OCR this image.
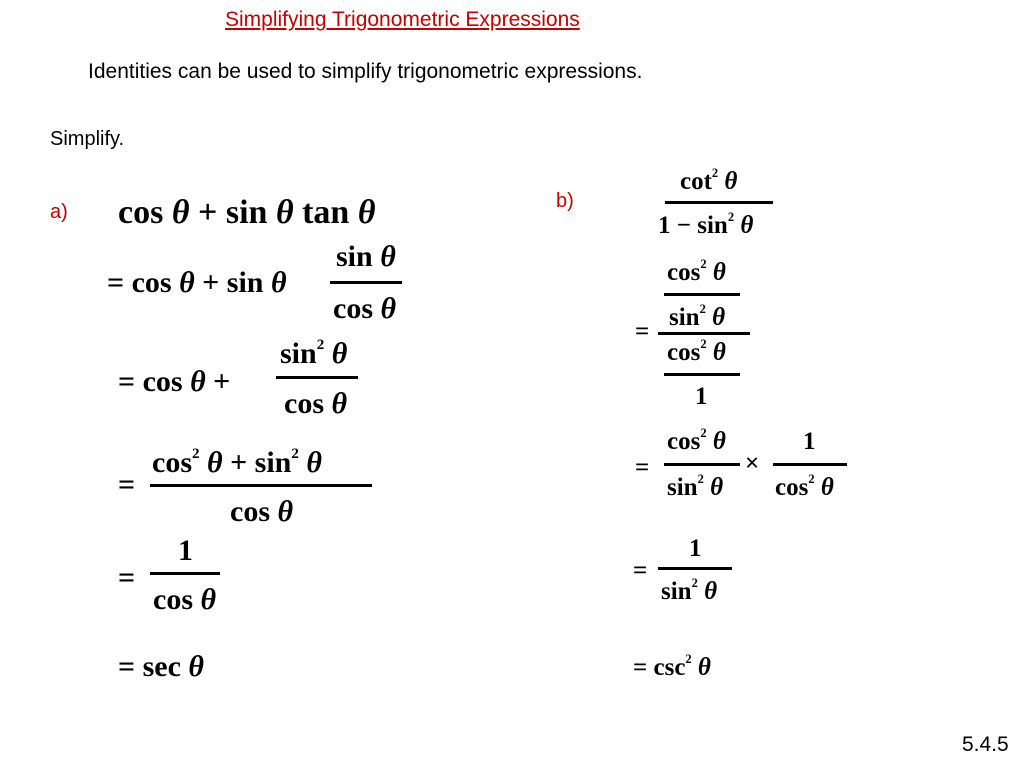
Simplifying Trigonometric Expressions
Identities can be used to simplify trigonometric expressions.
Simplify.
a) cos θ + sin θ tan θ
= cos θ + sin θ
sin θ
cos θ
= cos θ +
$\sin^2 \theta$
cos θ
=
$\cos^2 \theta + \sin^2 \theta$
cos θ
=
1
cos θ
= sec θ
b)
$\cot^2 \theta$
$1 - \sin^2 \theta$
=
$\cos^2 \theta$
$\sin^2 \theta$
$\cos^2 \theta$
1
=
$\cos^2 \theta$
$\sin^2 \theta$
×
1
$\cos^2 \theta$
=
1
$\sin^2 \theta$
= $\csc^2 \theta$
5.4.5
